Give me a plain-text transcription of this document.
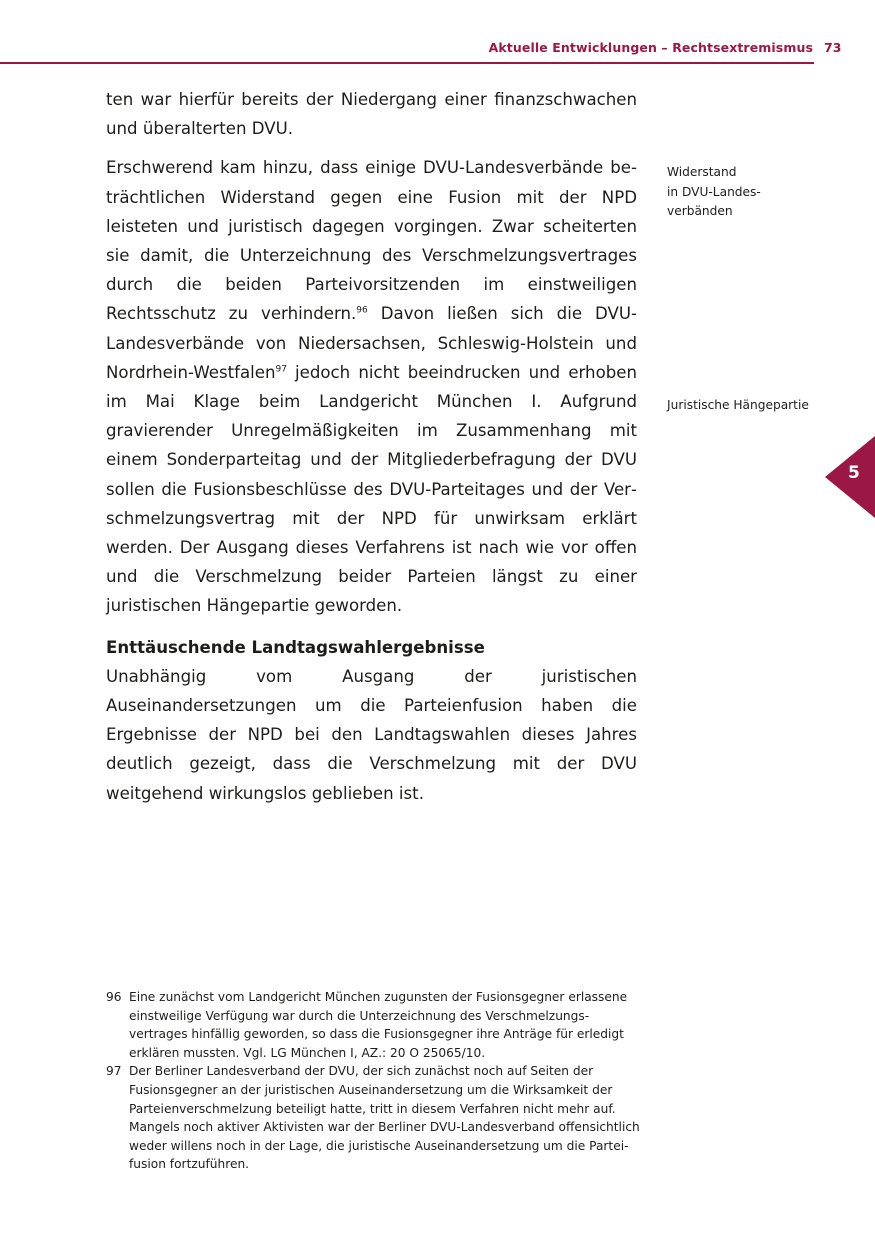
Aktuelle Entwicklungen – Rechtsextremismus 73

ten war hierfür bereits der Niedergang einer finanzschwachen und überalterten DVU.

Erschwerend kam hinzu, dass einige DVU-Landesverbände beträchtlichen Widerstand gegen eine Fusion mit der NPD leisteten und juristisch dagegen vorgingen. Zwar scheiterten sie damit, die Unterzeichnung des Verschmelzungsvertrages durch die beiden Parteivorsitzenden im einstweiligen Rechtsschutz zu verhindern.$^{96}$ Davon ließen sich die DVU-Landesverbände von Niedersachsen, Schleswig-Holstein und Nordrhein-Westfalen$^{97}$ jedoch nicht beeindrucken und erhoben im Mai Klage beim Landgericht München I. Aufgrund gravierender Unregelmäßigkeiten im Zusammenhang mit einem Sonderparteitag und der Mitgliederbefragung der DVU sollen die Fusionsbeschlüsse des DVU-Parteitages und der Verschmelzungsvertrag mit der NPD für unwirksam erklärt werden. Der Ausgang dieses Verfahrens ist nach wie vor offen und die Verschmelzung beider Parteien längst zu einer juristischen Hängepartie geworden.

Enttäuschende Landtagswahlergebnisse

Unabhängig vom Ausgang der juristischen Auseinandersetzungen um die Parteienfusion haben die Ergebnisse der NPD bei den Landtagswahlen dieses Jahres deutlich gezeigt, dass die Verschmelzung mit der DVU weitgehend wirkungslos geblieben ist.

Widerstand
in DVU-Landes-
verbänden
Juristische Hängepartie
5
96 Eine zunächst vom Landgericht München zugunsten der Fusionsgegner erlassene einstweilige Verfügung war durch die Unterzeichnung des Verschmelzungsvertrages hinfällig geworden, so dass die Fusionsgegner ihre Anträge für erledigt erklären mussten. Vgl. LG München I, AZ.: 20 O 25065/10.
97 Der Berliner Landesverband der DVU, der sich zunächst noch auf Seiten der Fusionsgegner an der juristischen Auseinandersetzung um die Wirksamkeit der Parteienverschmelzung beteiligt hatte, tritt in diesem Verfahren nicht mehr auf. Mangels noch aktiver Aktivisten war der Berliner DVU-Landesverband offensichtlich weder willens noch in der Lage, die juristische Auseinandersetzung um die Parteifusion fortzuführen.
